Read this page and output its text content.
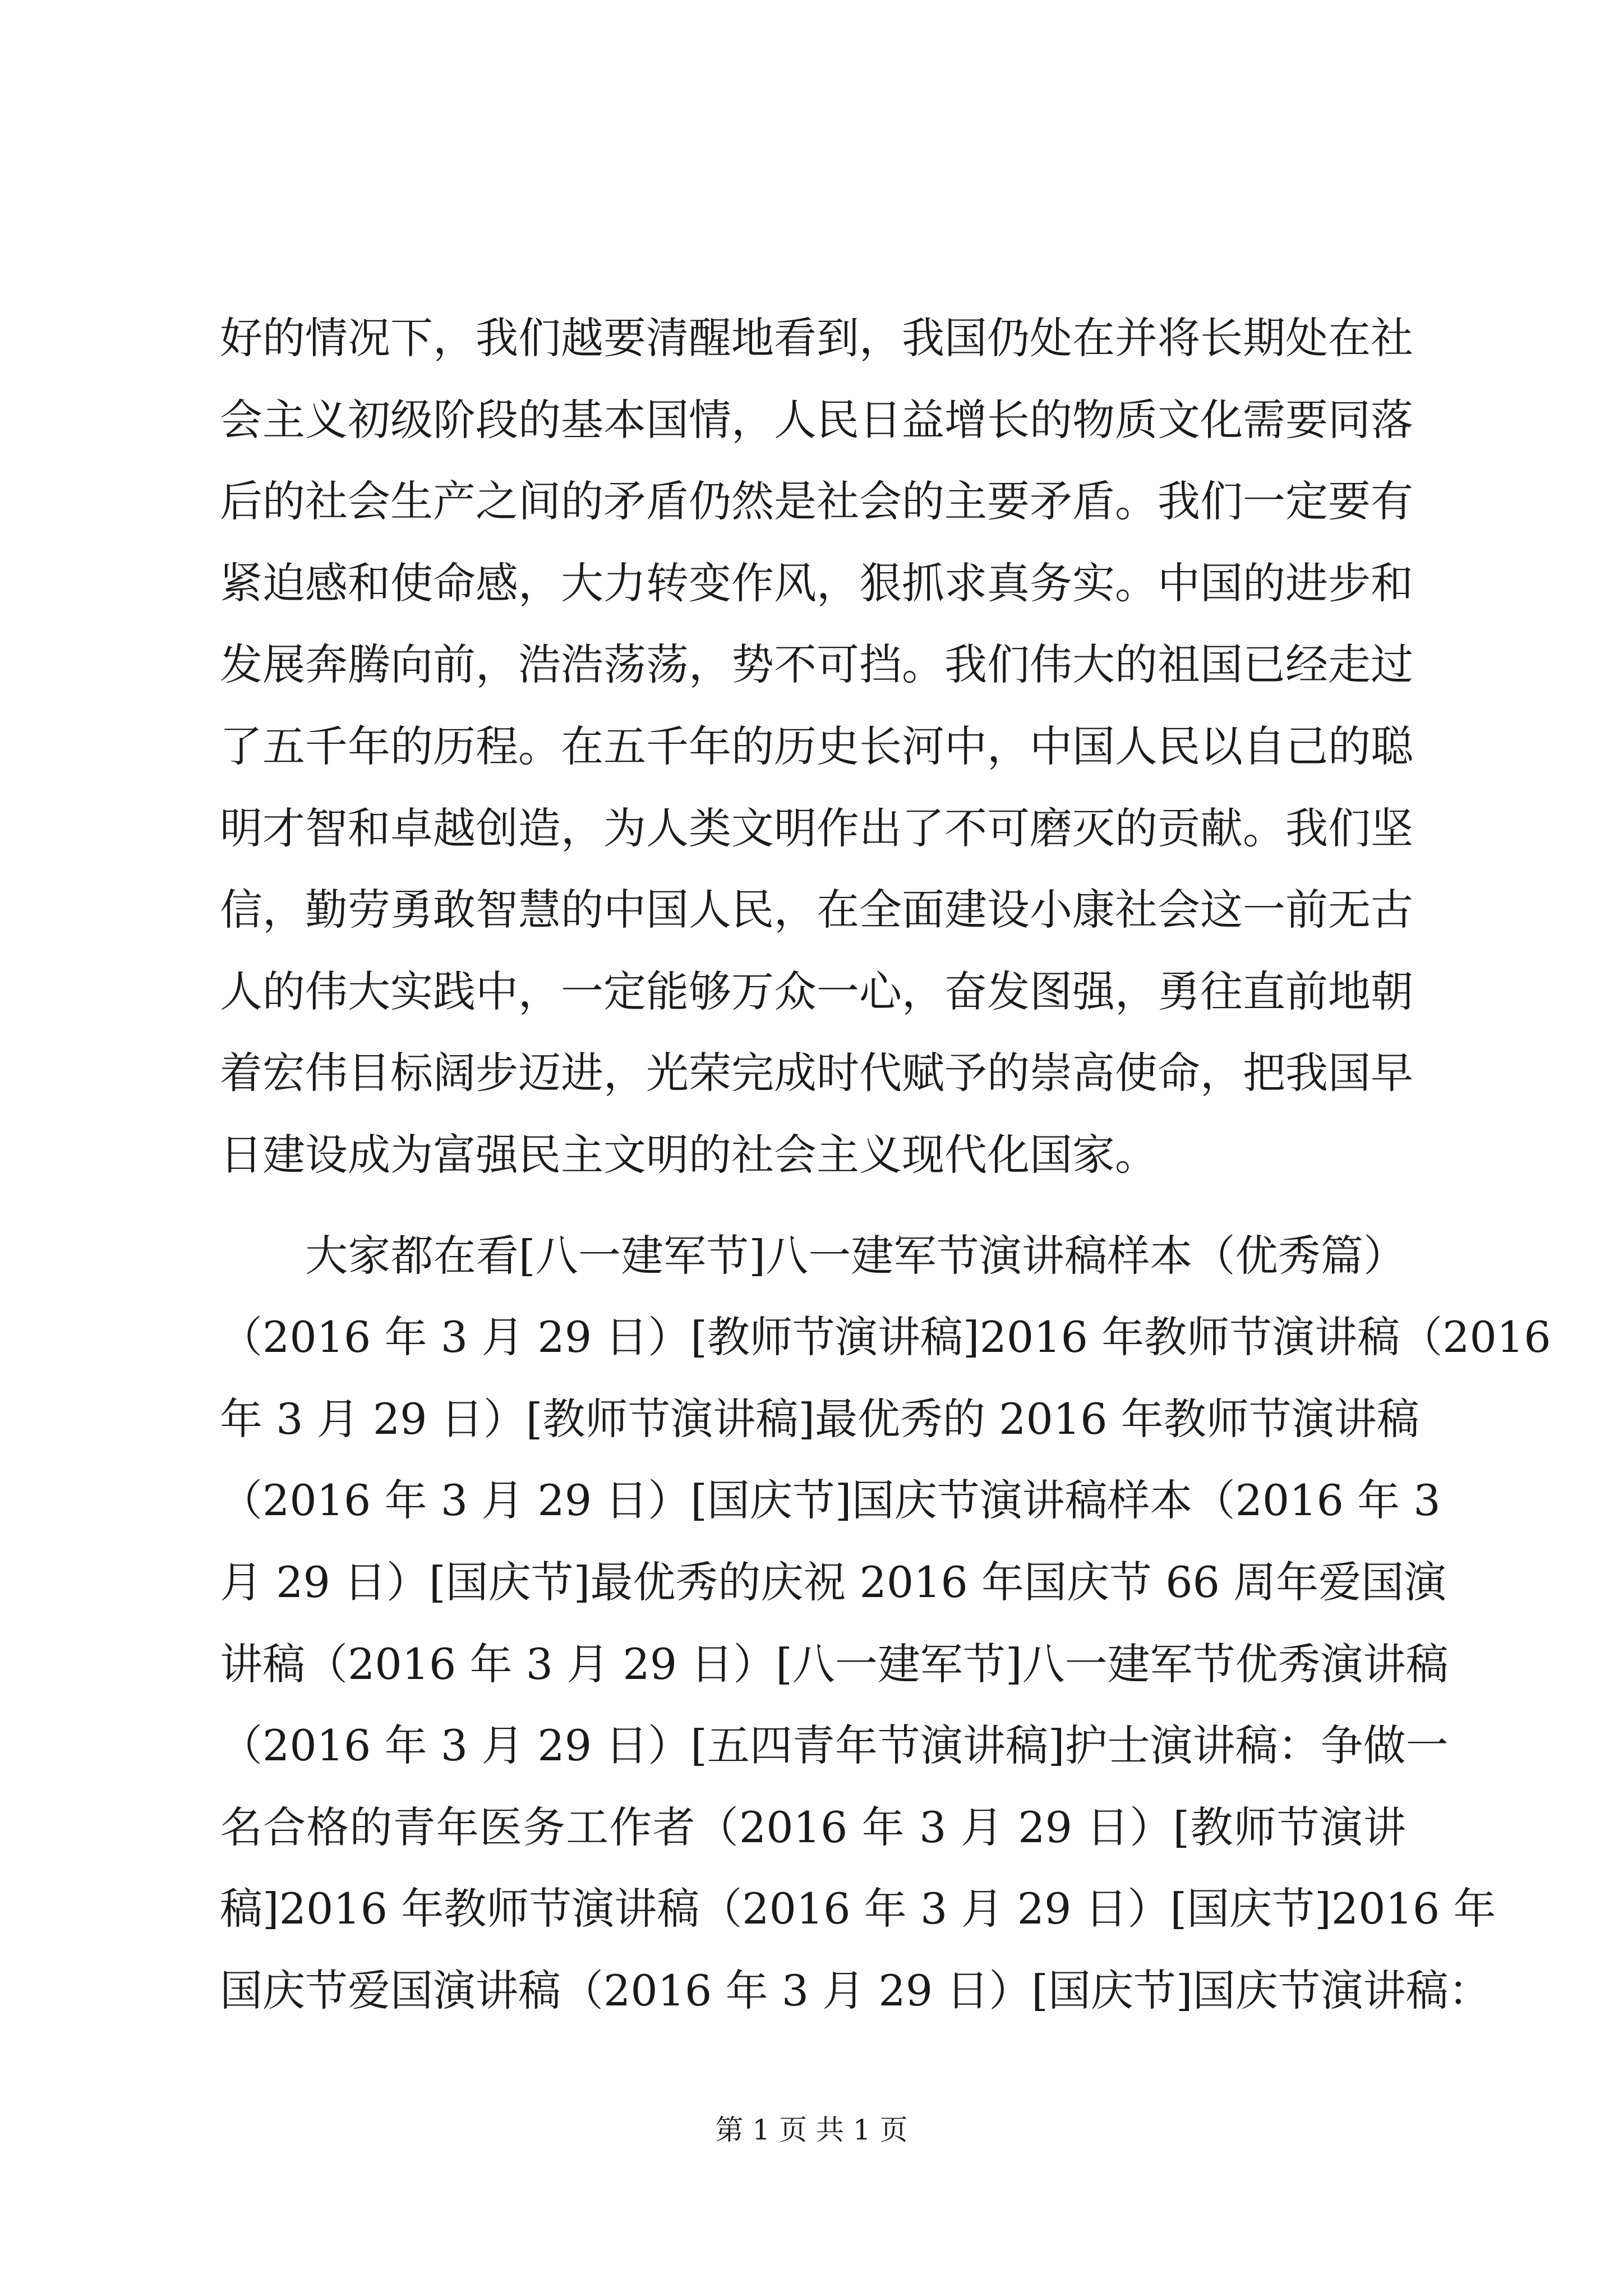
好的情况下，我们越要清醒地看到，我国仍处在并将长期处在社
会主义初级阶段的基本国情，人民日益增长的物质文化需要同落
后的社会生产之间的矛盾仍然是社会的主要矛盾。我们一定要有
紧迫感和使命感，大力转变作风，狠抓求真务实。中国的进步和
发展奔腾向前，浩浩荡荡，势不可挡。我们伟大的祖国已经走过
了五千年的历程。在五千年的历史长河中，中国人民以自己的聪
明才智和卓越创造，为人类文明作出了不可磨灭的贡献。我们坚
信，勤劳勇敢智慧的中国人民，在全面建设小康社会这一前无古
人的伟大实践中，一定能够万众一心，奋发图强，勇往直前地朝
着宏伟目标阔步迈进，光荣完成时代赋予的崇高使命，把我国早
日建设成为富强民主文明的社会主义现代化国家。
　　大家都在看[八一建军节]八一建军节演讲稿样本（优秀篇）
（2016 年 3 月 29 日）[教师节演讲稿]2016 年教师节演讲稿（2016
年 3 月 29 日）[教师节演讲稿]最优秀的 2016 年教师节演讲稿
（2016 年 3 月 29 日）[国庆节]国庆节演讲稿样本（2016 年 3
月 29 日）[国庆节]最优秀的庆祝 2016 年国庆节 66 周年爱国演
讲稿（2016 年 3 月 29 日）[八一建军节]八一建军节优秀演讲稿
（2016 年 3 月 29 日）[五四青年节演讲稿]护士演讲稿：争做一
名合格的青年医务工作者（2016 年 3 月 29 日）[教师节演讲
稿]2016 年教师节演讲稿（2016 年 3 月 29 日）[国庆节]2016 年
国庆节爱国演讲稿（2016 年 3 月 29 日）[国庆节]国庆节演讲稿：
第 1 页 共 1 页
